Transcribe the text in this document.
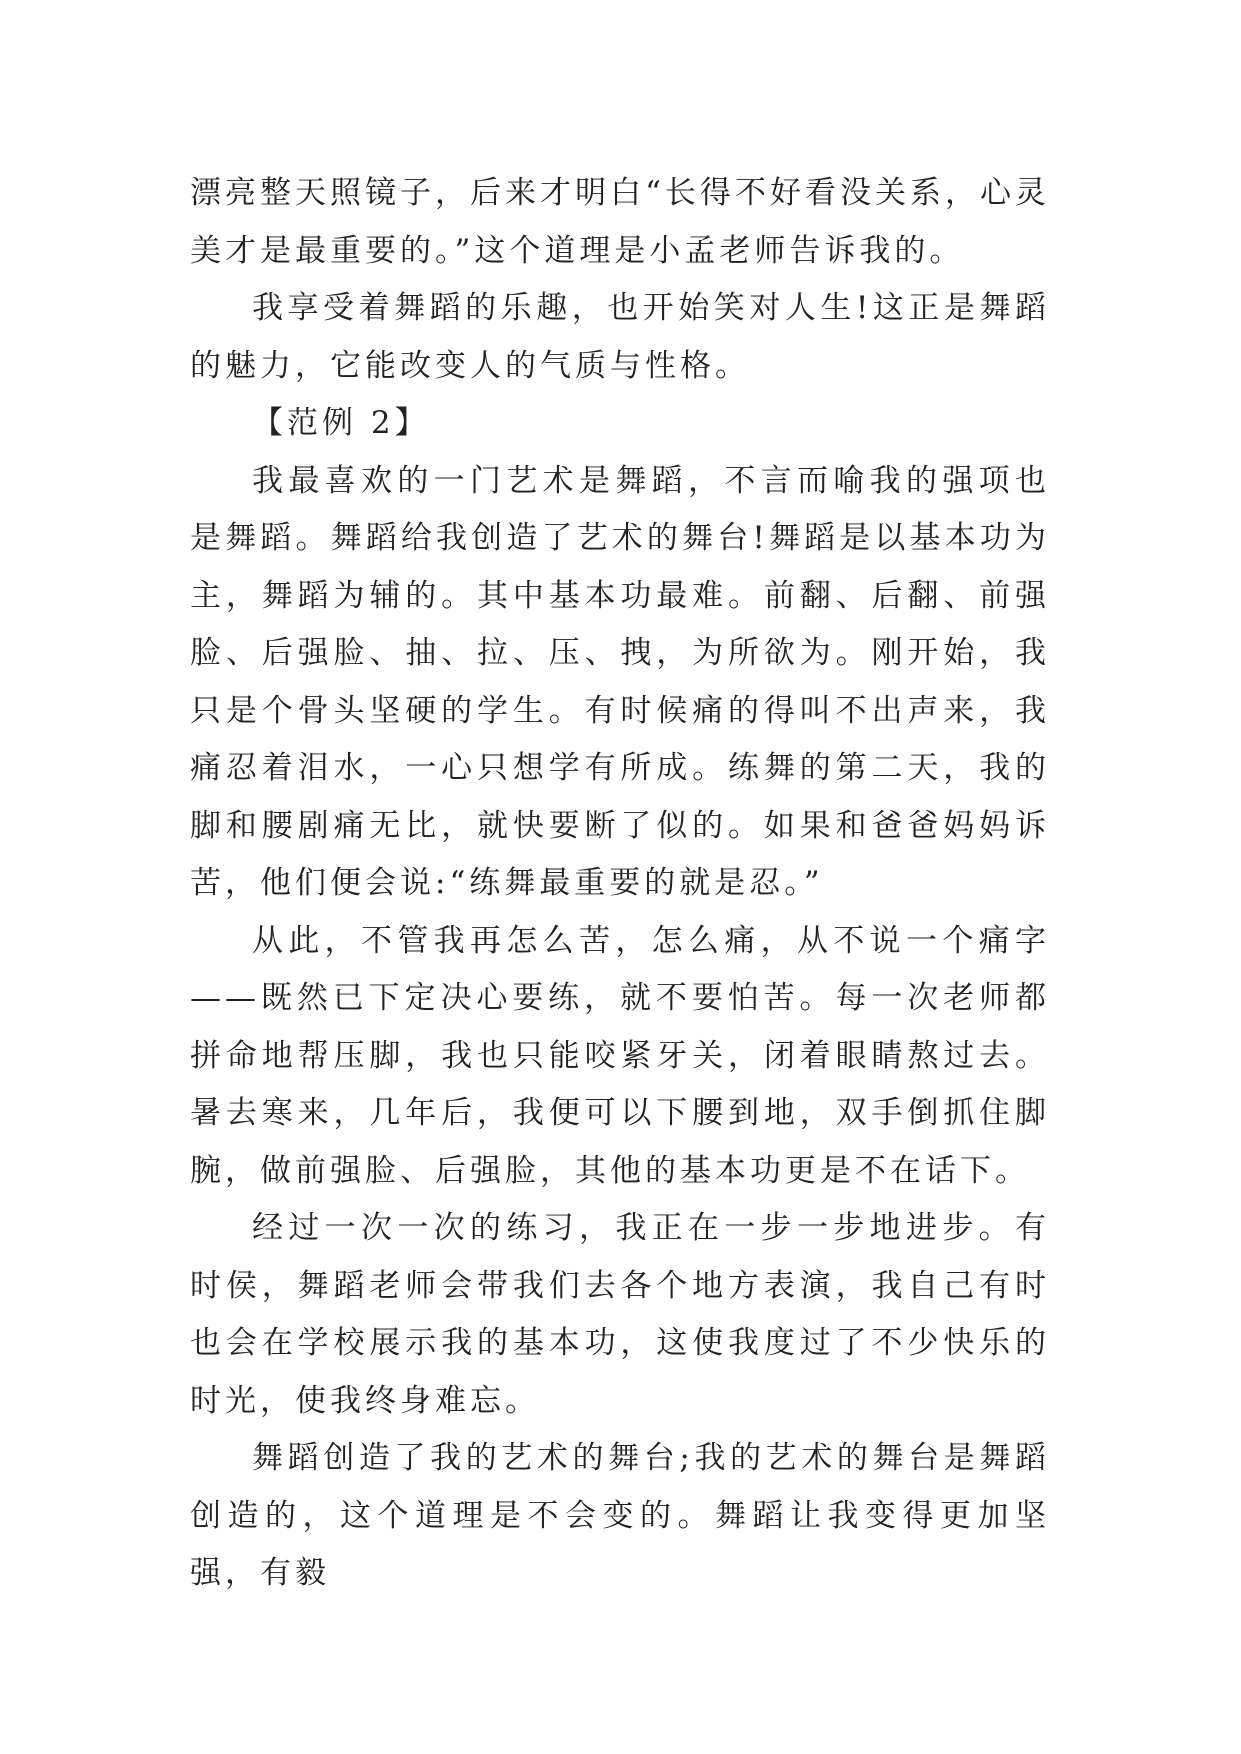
漂亮整天照镜子，后来才明白“长得不好看没关系，心灵美才是最重要的。”这个道理是小孟老师告诉我的。

我享受着舞蹈的乐趣，也开始笑对人生!这正是舞蹈的魅力，它能改变人的气质与性格。

【范例 2】

我最喜欢的一门艺术是舞蹈，不言而喻我的强项也是舞蹈。舞蹈给我创造了艺术的舞台!舞蹈是以基本功为主，舞蹈为辅的。其中基本功最难。前翻、后翻、前强脸、后强脸、抽、拉、压、拽，为所欲为。刚开始，我只是个骨头坚硬的学生。有时候痛的得叫不出声来，我痛忍着泪水，一心只想学有所成。练舞的第二天，我的脚和腰剧痛无比，就快要断了似的。如果和爸爸妈妈诉苦，他们便会说:“练舞最重要的就是忍。”

从此，不管我再怎么苦，怎么痛，从不说一个痛字——既然已下定决心要练，就不要怕苦。每一次老师都拼命地帮压脚，我也只能咬紧牙关，闭着眼睛熬过去。暑去寒来，几年后，我便可以下腰到地，双手倒抓住脚腕，做前强脸、后强脸，其他的基本功更是不在话下。

经过一次一次的练习，我正在一步一步地进步。有时侯，舞蹈老师会带我们去各个地方表演，我自己有时也会在学校展示我的基本功，这使我度过了不少快乐的时光，使我终身难忘。

舞蹈创造了我的艺术的舞台;我的艺术的舞台是舞蹈创造的，这个道理是不会变的。舞蹈让我变得更加坚强，有毅
